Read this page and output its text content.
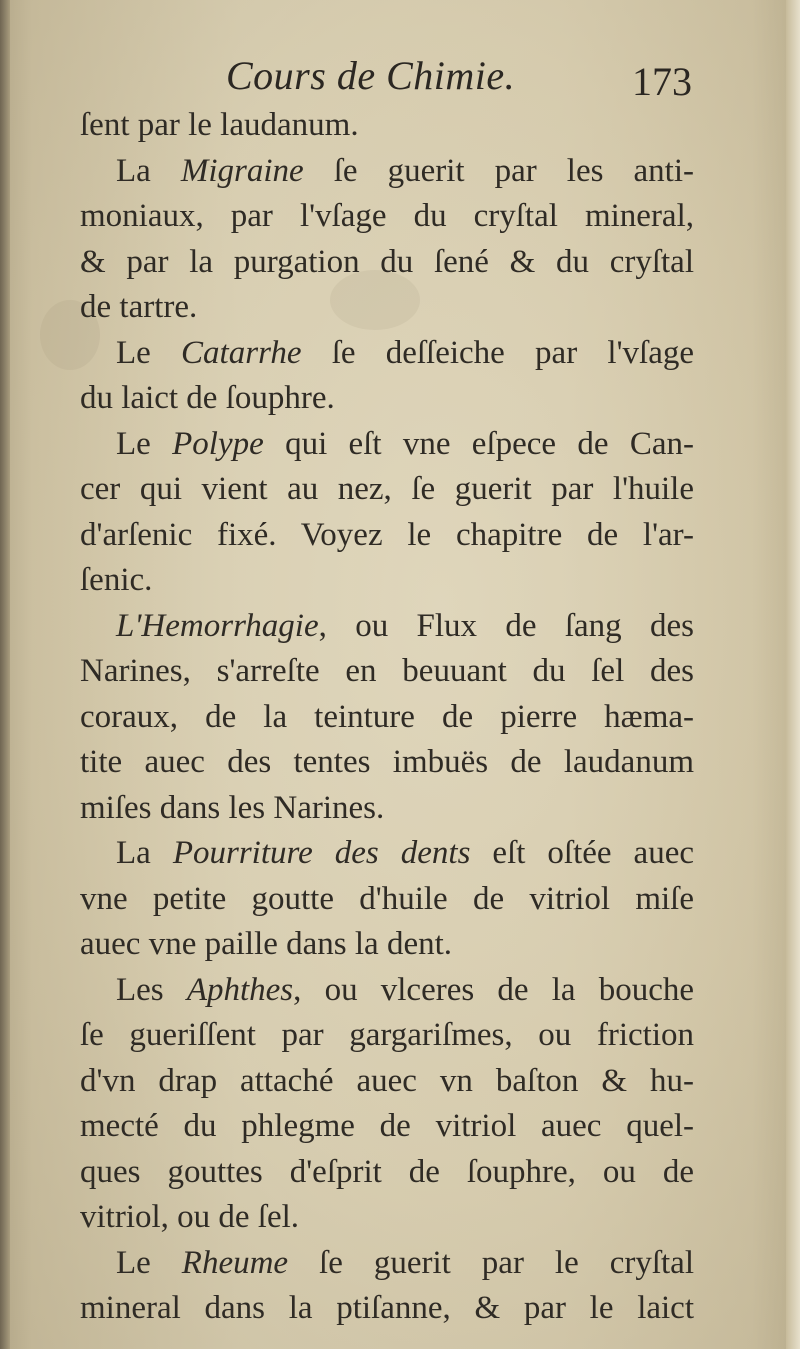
Cours de Chimie.	173
ſent par le laudanum.
La Migraine ſe guerit par les anti-
moniaux, par l'vſage du cryſtal mineral,
& par la purgation du ſené & du cryſtal
de tartre.
Le Catarrhe ſe deſſeiche par l'vſage
du laict de ſouphre.
Le Polype qui eſt vne eſpece de Can-
cer qui vient au nez, ſe guerit par l'huile
d'arſenic fixé. Voyez le chapitre de l'ar-
ſenic.
L'Hemorrhagie, ou Flux de ſang des
Narines, s'arreſte en beuuant du ſel des
coraux, de la teinture de pierre hæma-
tite auec des tentes imbuës de laudanum
miſes dans les Narines.
La Pourriture des dents eſt oſtée auec
vne petite goutte d'huile de vitriol miſe
auec vne paille dans la dent.
Les Aphthes, ou vlceres de la bouche
ſe gueriſſent par gargariſmes, ou friction
d'vn drap attaché auec vn baſton & hu-
mecté du phlegme de vitriol auec quel-
ques gouttes d'eſprit de ſouphre, ou de
vitriol, ou de ſel.
Le Rheume ſe guerit par le cryſtal
mineral dans la ptiſanne, & par le laict
